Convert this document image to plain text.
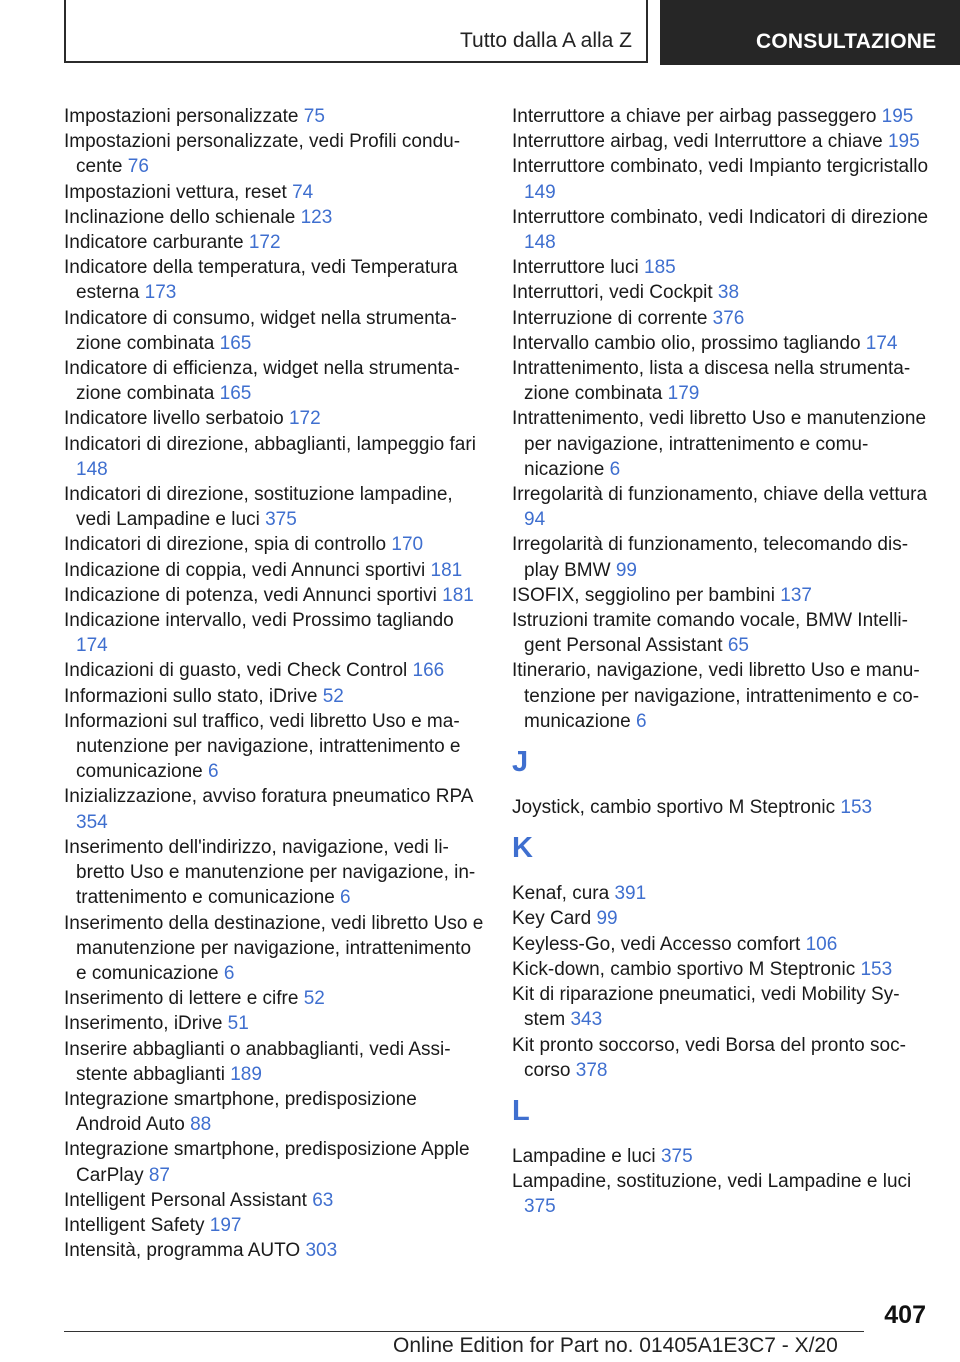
Tutto dalla A alla Z	CONSULTAZIONE

Impostazioni personalizzate 75

Impostazioni personalizzate, vedi Profili conducente 76

Impostazioni vettura, reset 74

Inclinazione dello schienale 123

Indicatore carburante 172

Indicatore della temperatura, vedi Temperatura esterna 173

Indicatore di consumo, widget nella strumentazione combinata 165

Indicatore di efficienza, widget nella strumentazione combinata 165

Indicatore livello serbatoio 172

Indicatori di direzione, abbaglianti, lampeggio fari 148

Indicatori di direzione, sostituzione lampadine, vedi Lampadine e luci 375

Indicatori di direzione, spia di controllo 170

Indicazione di coppia, vedi Annunci sportivi 181

Indicazione di potenza, vedi Annunci sportivi 181

Indicazione intervallo, vedi Prossimo tagliando 174

Indicazioni di guasto, vedi Check Control 166

Informazioni sullo stato, iDrive 52

Informazioni sul traffico, vedi libretto Uso e manutenzione per navigazione, intrattenimento e comunicazione 6

Inizializzazione, avviso foratura pneumatico RPA 354

Inserimento dell'indirizzo, navigazione, vedi libretto Uso e manutenzione per navigazione, intrattenimento e comunicazione 6

Inserimento della destinazione, vedi libretto Uso e manutenzione per navigazione, intrattenimento e comunicazione 6

Inserimento di lettere e cifre 52

Inserimento, iDrive 51

Inserire abbaglianti o anabbaglianti, vedi Assistente abbaglianti 189

Integrazione smartphone, predisposizione Android Auto 88

Integrazione smartphone, predisposizione Apple CarPlay 87

Intelligent Personal Assistant 63

Intelligent Safety 197

Intensità, programma AUTO 303

Interruttore a chiave per airbag passeggero 195

Interruttore airbag, vedi Interruttore a chiave 195

Interruttore combinato, vedi Impianto tergicristallo 149

Interruttore combinato, vedi Indicatori di direzione 148

Interruttore luci 185

Interruttori, vedi Cockpit 38

Interruzione di corrente 376

Intervallo cambio olio, prossimo tagliando 174

Intrattenimento, lista a discesa nella strumentazione combinata 179

Intrattenimento, vedi libretto Uso e manutenzione per navigazione, intrattenimento e comunicazione 6

Irregolarità di funzionamento, chiave della vettura 94

Irregolarità di funzionamento, telecomando display BMW 99

ISOFIX, seggiolino per bambini 137

Istruzioni tramite comando vocale, BMW Intelligent Personal Assistant 65

Itinerario, navigazione, vedi libretto Uso e manutenzione per navigazione, intrattenimento e comunicazione 6

J

Joystick, cambio sportivo M Steptronic 153

K

Kenaf, cura 391

Key Card 99

Keyless-Go, vedi Accesso comfort 106

Kick-down, cambio sportivo M Steptronic 153

Kit di riparazione pneumatici, vedi Mobility System 343

Kit pronto soccorso, vedi Borsa del pronto soccorso 378

L

Lampadine e luci 375

Lampadine, sostituzione, vedi Lampadine e luci 375

407
Online Edition for Part no. 01405A1E3C7 - X/20
